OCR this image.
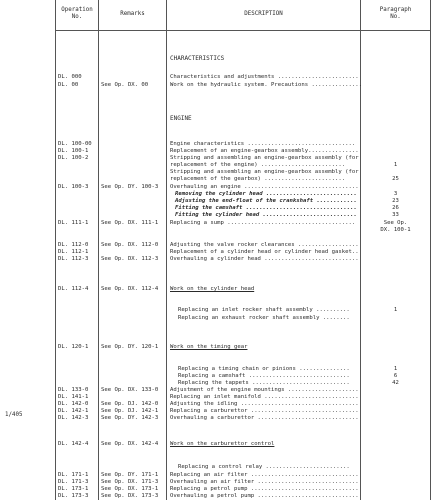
Operation
No.	Remarks	DESCRIPTION
Paragraph
No.
CHARACTERISTICS
ENGINE
DL. 000	Characteristics and adjustments ........................
DL. 00	See Op. DX. 00	Work on the hydraulic system. Precautions ...............
DL. 100-00	Engine characteristics ................................
DL. 100-1	Replacement of an engine-gearbox assembly...............
DL. 100-2	Stripping and assembling an engine-gearbox assembly (for
replacement of the engine) .........................	1
Stripping and assembling an engine-gearbox assembly (for
replacement of the gearbox) ........................	25
DL. 100-3 See Op. DY. 100-3 Overhauling an engine ..................................
Removing the cylinder head ...........................	3
Adjusting the end-float of the crankshaft ............	23
Fitting the camshaft .................................	26
Fitting the cylinder head ............................	33
DL. 111-1 See Op. DX. 111-1 Replacing a sump ......................................	See Op.
DX. 100-1
DL. 112-0 See Op. DX. 112-0 Adjusting the valve rocker clearances ..................
DL. 112-1	Replacement of a cylinder head or cylinder head gasket..
DL. 112-3 See Op. DX. 112-3 Overhauling a cylinder head ............................
DL. 112-4 See Op. DX. 112-4 Work on the cylinder head
Replacing an inlet rocker shaft assembly ..........	1
Replacing an exhaust rocker shaft assembly ........
DL. 120-1 See Op. DY. 120-1 Work on the timing gear
Replacing a timing chain or pinions ...............	1
Replacing a camshaft ..............................	6
Replacing the tappets .............................	42
DL. 133-0 See Op. DX. 133-0 Adjustment of the engine mountings .....................
DL. 141-1	Replacing an inlet manifold ............................
DL. 142-0 See Op. DJ. 142-0 Adjusting the idling ...................................
DL. 142-1 See Op. DJ. 142-1 Replacing a carburettor ................................
DL. 142-3 See Op. DY. 142-3 Overhauling a carburettor ..............................
DL. 142-4 See Op. DX. 142-4 Work on the carburettor control
Replacing a control relay .........................
DL. 171-1 See Op. DY. 171-1 Replacing an air filter ................................
DL. 171-3 See Op. DX. 171-3 Overhauling an air filter ..............................
DL. 173-1 See Op. DX. 173-1 Replacing a petrol pump ................................
DL. 173-3 See Op. DX. 173-3 Overhauling a petrol pump ..............................
1/405
